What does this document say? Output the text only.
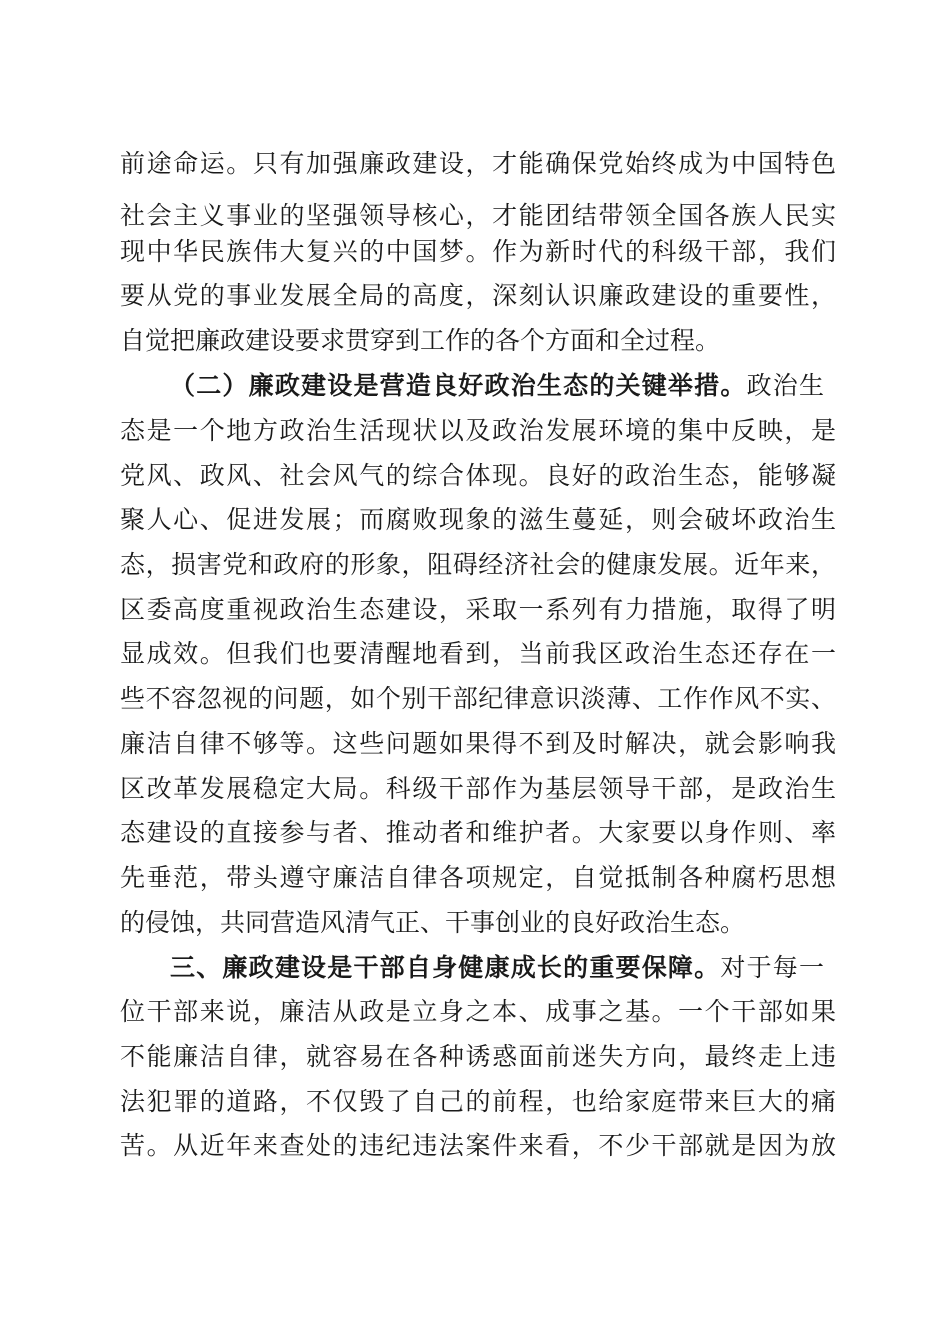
前途命运。只有加强廉政建设，才能确保党始终成为中国特色

社会主义事业的坚强领导核心，才能团结带领全国各族人民实

现中华民族伟大复兴的中国梦。作为新时代的科级干部，我们

要从党的事业发展全局的高度，深刻认识廉政建设的重要性，

自觉把廉政建设要求贯穿到工作的各个方面和全过程。

（二）廉政建设是营造良好政治生态的关键举措。政治生

态是一个地方政治生活现状以及政治发展环境的集中反映，是

党风、政风、社会风气的综合体现。良好的政治生态，能够凝

聚人心、促进发展；而腐败现象的滋生蔓延，则会破坏政治生

态，损害党和政府的形象，阻碍经济社会的健康发展。近年来，

区委高度重视政治生态建设，采取一系列有力措施，取得了明

显成效。但我们也要清醒地看到，当前我区政治生态还存在一

些不容忽视的问题，如个别干部纪律意识淡薄、工作作风不实、

廉洁自律不够等。这些问题如果得不到及时解决，就会影响我

区改革发展稳定大局。科级干部作为基层领导干部，是政治生

态建设的直接参与者、推动者和维护者。大家要以身作则、率

先垂范，带头遵守廉洁自律各项规定，自觉抵制各种腐朽思想

的侵蚀，共同营造风清气正、干事创业的良好政治生态。

三、廉政建设是干部自身健康成长的重要保障。对于每一

位干部来说，廉洁从政是立身之本、成事之基。一个干部如果

不能廉洁自律，就容易在各种诱惑面前迷失方向，最终走上违

法犯罪的道路，不仅毁了自己的前程，也给家庭带来巨大的痛

苦。从近年来查处的违纪违法案件来看，不少干部就是因为放
